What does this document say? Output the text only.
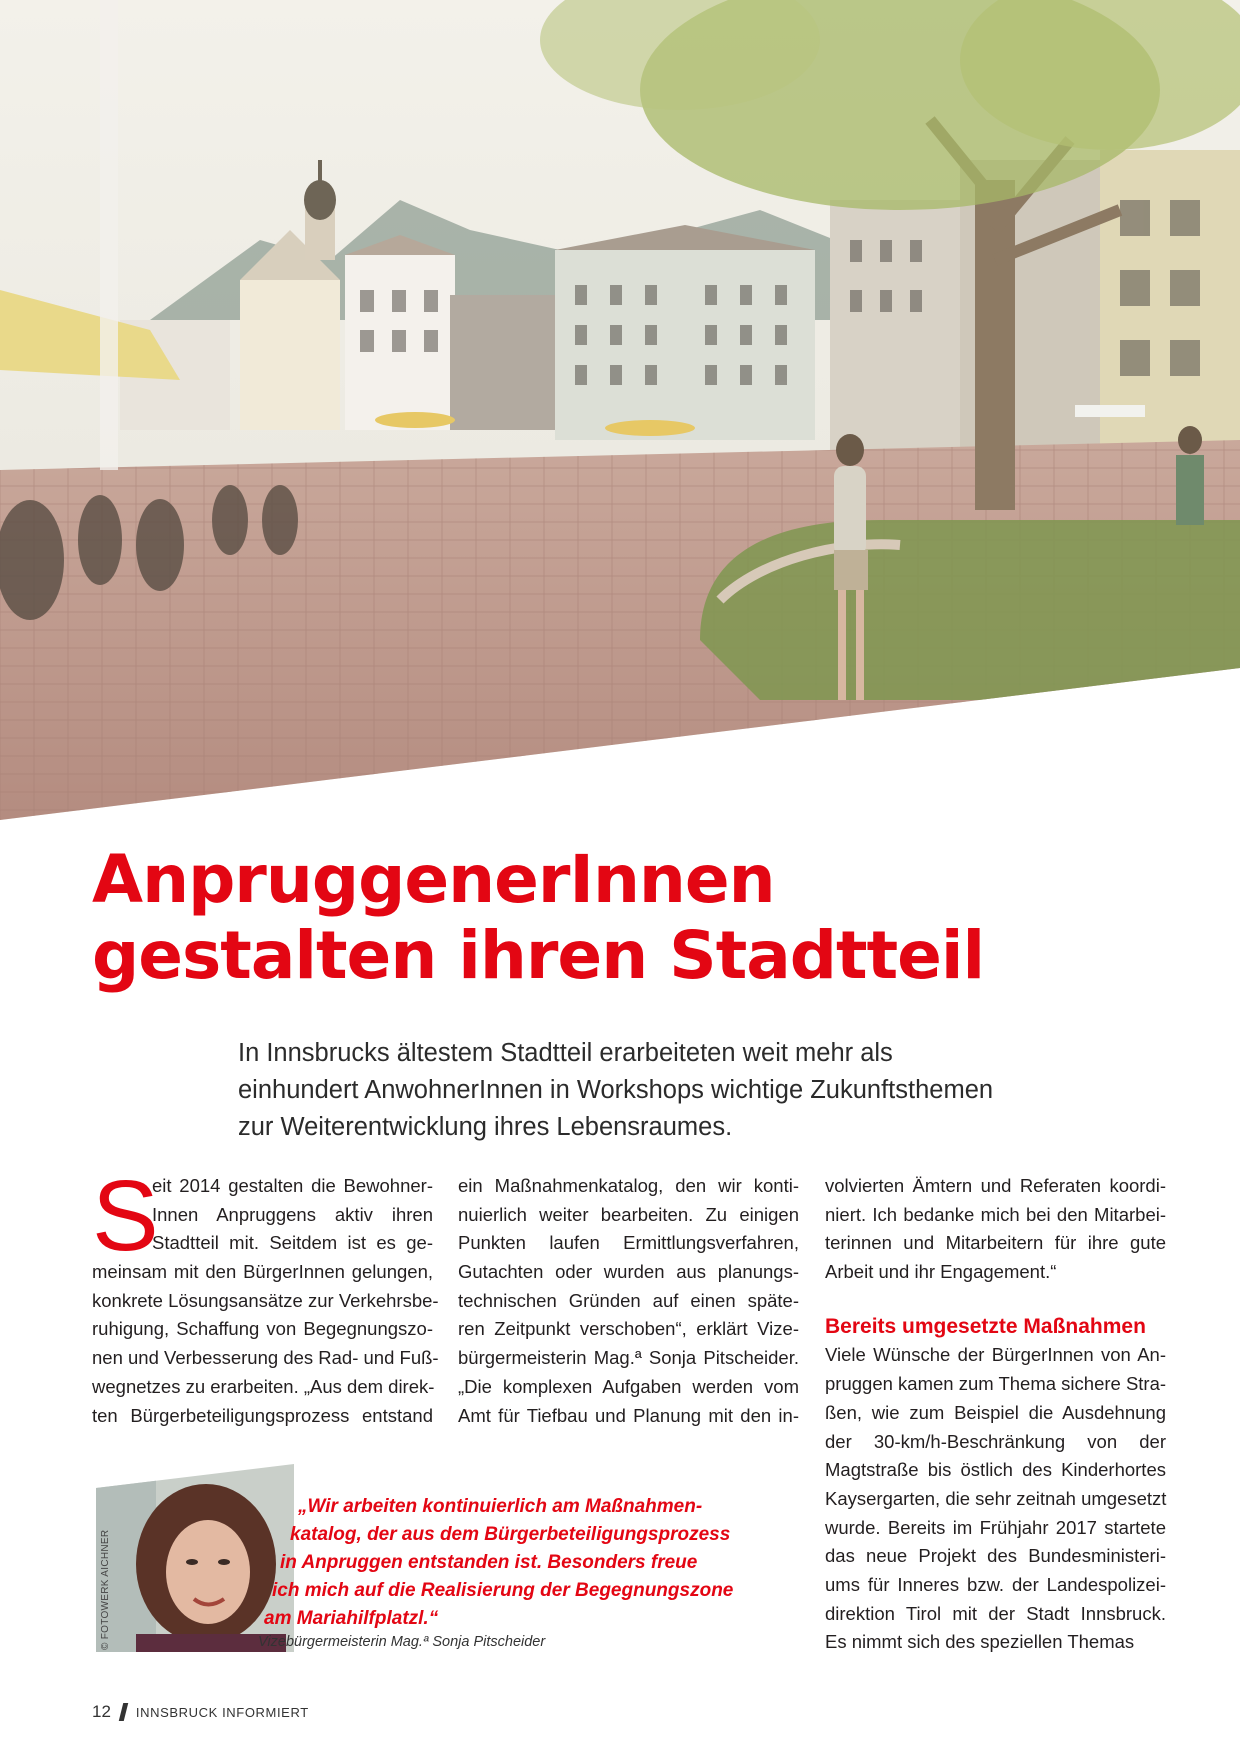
AnpruggenerInnen
gestalten ihren Stadtteil

In Innsbrucks ältestem Stadtteil erarbeiteten weit mehr als
einhundert AnwohnerInnen in Workshops wichtige Zukunftsthemen
zur Weiterentwicklung ihres Lebensraumes.

S
eit 2014 gestalten die Bewohner-
Innen Anpruggens aktiv ihren
Stadtteil mit. Seitdem ist es ge-
meinsam mit den BürgerInnen gelungen,
konkrete Lösungsansätze zur Verkehrsbe-
ruhigung, Schaffung von Begegnungszo-
nen und Verbesserung des Rad- und Fuß-
wegnetzes zu erarbeiten. „Aus dem direk-
ten Bürgerbeteiligungsprozess entstand
ein Maßnahmenkatalog, den wir konti-
nuierlich weiter bearbeiten. Zu einigen
Punkten laufen Ermittlungsverfahren,
Gutachten oder wurden aus planungs-
technischen Gründen auf einen späte-
ren Zeitpunkt verschoben“, erklärt Vize-
bürgermeisterin Mag.ª Sonja Pitscheider.
„Die komplexen Aufgaben werden vom
Amt für Tiefbau und Planung mit den in-
volvierten Ämtern und Referaten koordi-
niert. Ich bedanke mich bei den Mitarbei-
terinnen und Mitarbeitern für ihre gute
Arbeit und ihr Engagement.“
Bereits umgesetzte Maßnahmen
Viele Wünsche der BürgerInnen von An-
pruggen kamen zum Thema sichere Stra-
ßen, wie zum Beispiel die Ausdehnung
der 30-km/h-Beschränkung von der
Magtstraße bis östlich des Kinderhortes
Kaysergarten, die sehr zeitnah umgesetzt
wurde. Bereits im Frühjahr 2017 startete
das neue Projekt des Bundesministeri-
ums für Inneres bzw. der Landespolizei-
direktion Tirol mit der Stadt Innsbruck.
Es nimmt sich des speziellen Themas
© FOTOWERK AICHNER

„Wir arbeiten kontinuierlich am Maßnahmen-
katalog, der aus dem Bürgerbeteiligungsprozess
in Anpruggen entstanden ist. Besonders freue
ich mich auf die Realisierung der Begegnungszone
am Mariahilfplatzl.“

Vizebürgermeisterin Mag.ª Sonja Pitscheider
12 INNSBRUCK INFORMIERT
